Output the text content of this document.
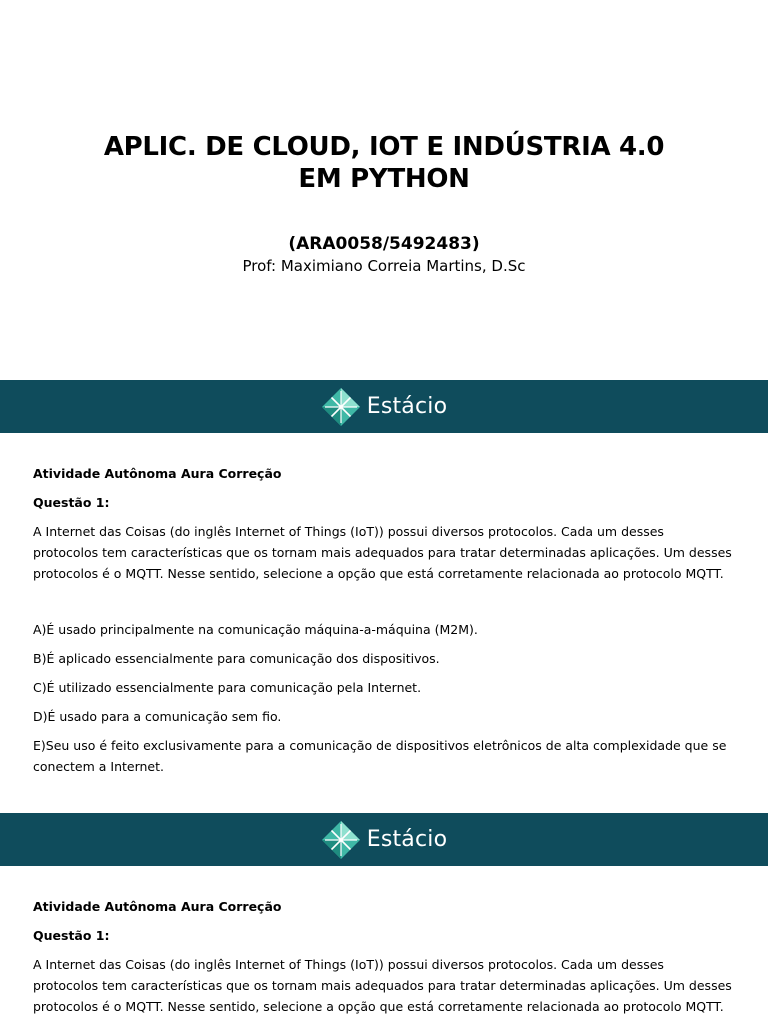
APLIC. DE CLOUD, IOT E INDÚSTRIA 4.0
EM PYTHON
(ARA0058/5492483)
Prof: Maximiano Correia Martins, D.Sc
Estácio

Atividade Autônoma Aura Correção

Questão 1:

A Internet das Coisas (do inglês Internet of Things (IoT)) possui diversos protocolos. Cada um desses protocolos tem características que os tornam mais adequados para tratar determinadas aplicações. Um desses protocolos é o MQTT. Nesse sentido, selecione a opção que está corretamente relacionada ao protocolo MQTT.

A)É usado principalmente na comunicação máquina-a-máquina (M2M).

B)É aplicado essencialmente para comunicação dos dispositivos.

C)É utilizado essencialmente para comunicação pela Internet.

D)É usado para a comunicação sem fio.

E)Seu uso é feito exclusivamente para a comunicação de dispositivos eletrônicos de alta complexidade que se conectem a Internet.

Estácio

Atividade Autônoma Aura Correção

Questão 1:

A Internet das Coisas (do inglês Internet of Things (IoT)) possui diversos protocolos. Cada um desses protocolos tem características que os tornam mais adequados para tratar determinadas aplicações. Um desses protocolos é o MQTT. Nesse sentido, selecione a opção que está corretamente relacionada ao protocolo MQTT.
